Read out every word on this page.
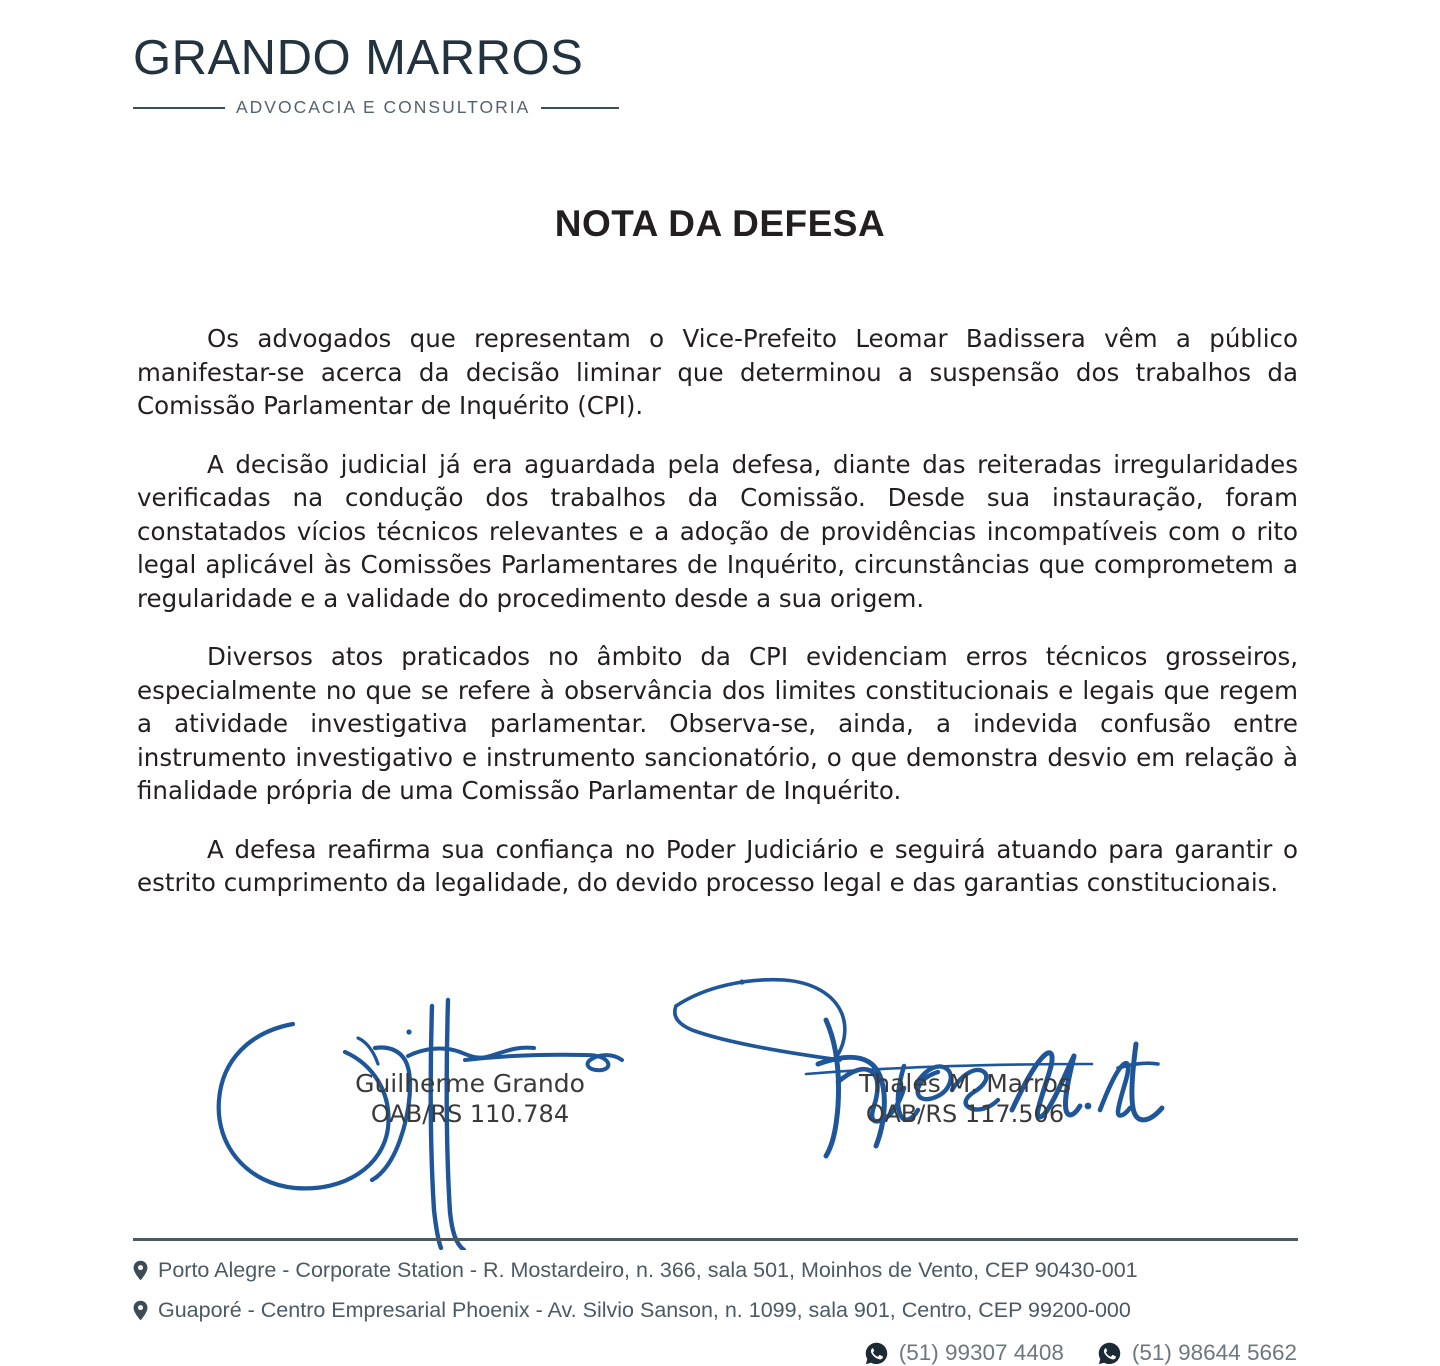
GRANDO MARROS
ADVOCACIA E CONSULTORIA
NOTA DA DEFESA

Os advogados que representam o Vice-Prefeito Leomar Badissera vêm a público manifestar-se acerca da decisão liminar que determinou a suspensão dos trabalhos da Comissão Parlamentar de Inquérito (CPI).

A decisão judicial já era aguardada pela defesa, diante das reiteradas irregularidades verificadas na condução dos trabalhos da Comissão. Desde sua instauração, foram constatados vícios técnicos relevantes e a adoção de providências incompatíveis com o rito legal aplicável às Comissões Parlamentares de Inquérito, circunstâncias que comprometem a regularidade e a validade do procedimento desde a sua origem.

Diversos atos praticados no âmbito da CPI evidenciam erros técnicos grosseiros, especialmente no que se refere à observância dos limites constitucionais e legais que regem a atividade investigativa parlamentar. Observa-se, ainda, a indevida confusão entre instrumento investigativo e instrumento sancionatório, o que demonstra desvio em relação à finalidade própria de uma Comissão Parlamentar de Inquérito.

A defesa reafirma sua confiança no Poder Judiciário e seguirá atuando para garantir o estrito cumprimento da legalidade, do devido processo legal e das garantias constitucionais.

Guilherme Grando
OAB/RS 110.784
Thales M. Marros
OAB/RS 117.506
Porto Alegre - Corporate Station - R. Mostardeiro, n. 366, sala 501, Moinhos de Vento, CEP 90430-001
Guaporé - Centro Empresarial Phoenix - Av. Silvio Sanson, n. 1099, sala 901, Centro, CEP 99200-000
(51) 99307 4408	(51) 98644 5662
